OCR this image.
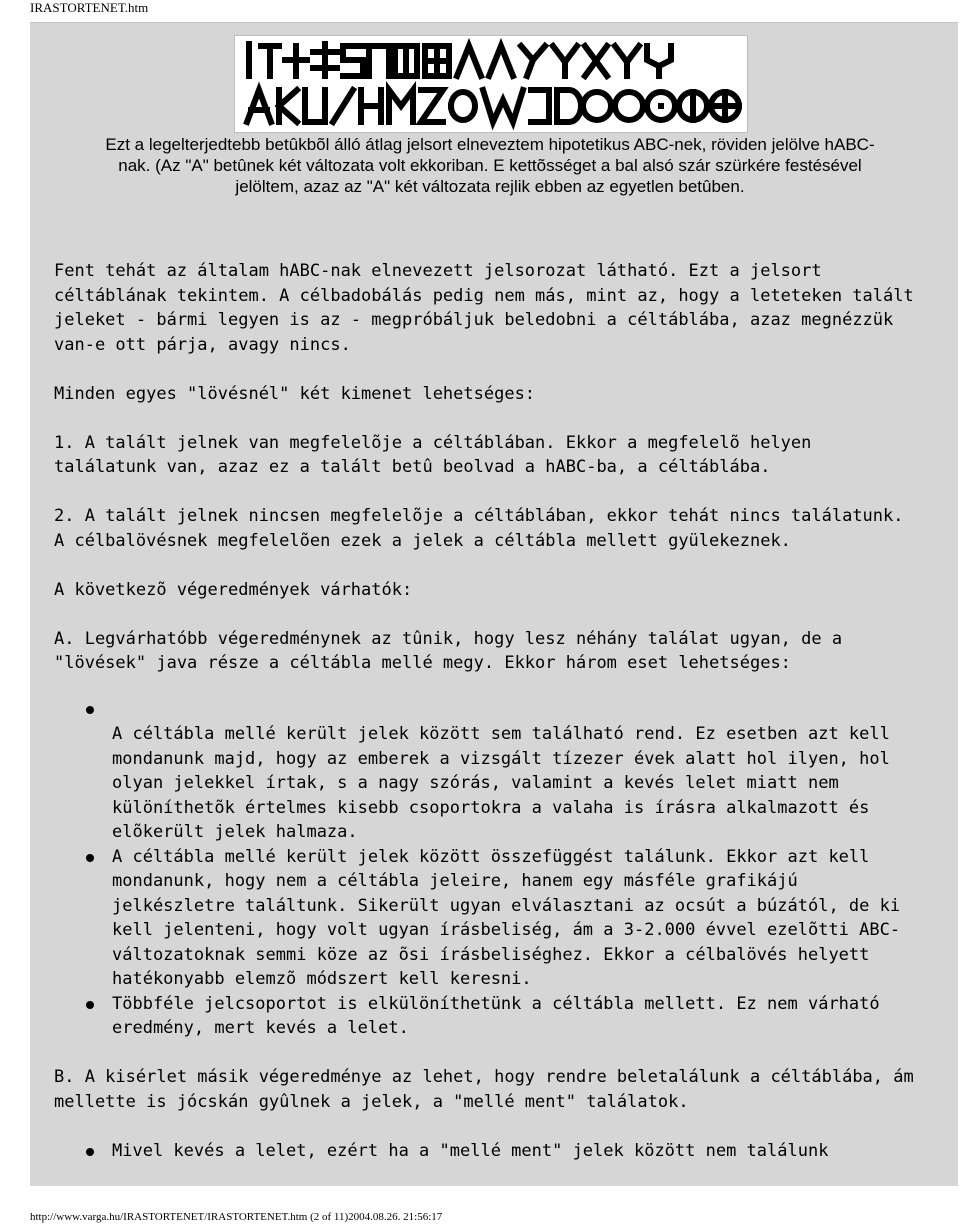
IRASTORTENET.htm
Ezt a legelterjedtebb betûkbõl álló átlag jelsort elneveztem hipotetikus ABC-nek, röviden jelölve hABC-nak. (Az "A" betûnek két változata volt ekkoriban. E kettõsséget a bal alsó szár szürkére festésével jelöltem, azaz az "A" két változata rejlik ebben az egyetlen betûben.

Fent tehát az általam hABC-nak elnevezett jelsorozat látható. Ezt a jelsort céltáblának tekintem. A célbadobálás pedig nem más, mint az, hogy a leteteken talált jeleket - bármi legyen is az - megpróbáljuk beledobni a céltáblába, azaz megnézzük van-e ott párja, avagy nincs.

Minden egyes "lövésnél" két kimenet lehetséges:

1. A talált jelnek van megfelelõje a céltáblában. Ekkor a megfelelõ helyen találatunk van, azaz ez a talált betû beolvad a hABC-ba, a céltáblába.

2. A talált jelnek nincsen megfelelõje a céltáblában, ekkor tehát nincs találatunk. A célbalövésnek megfelelõen ezek a jelek a céltábla mellett gyülekeznek.

A következõ végeredmények várhatók:

A. Legvárhatóbb végeredménynek az tûnik, hogy lesz néhány találat ugyan, de a "lövések" java része a céltábla mellé megy. Ekkor három eset lehetséges:

A céltábla mellé került jelek között sem található rend. Ez esetben azt kell mondanunk majd, hogy az emberek a vizsgált tízezer évek alatt hol ilyen, hol olyan jelekkel írtak, s a nagy szórás, valamint a kevés lelet miatt nem különíthetõk értelmes kisebb csoportokra a valaha is írásra alkalmazott és elõkerült jelek halmaza.
A céltábla mellé került jelek között összefüggést találunk. Ekkor azt kell mondanunk, hogy nem a céltábla jeleire, hanem egy másféle grafikájú jelkészletre találtunk. Sikerült ugyan elválasztani az ocsút a búzától, de ki kell jelenteni, hogy volt ugyan írásbeliség, ám a 3-2.000 évvel ezelõtti ABC-változatoknak semmi köze az õsi írásbeliséghez. Ekkor a célbalövés helyett hatékonyabb elemzõ módszert kell keresni.
Többféle jelcsoportot is elkülöníthetünk a céltábla mellett. Ez nem várható eredmény, mert kevés a lelet.

B. A kisérlet másik végeredménye az lehet, hogy rendre beletalálunk a céltáblába, ám mellette is jócskán gyûlnek a jelek, a "mellé ment" találatok.

Mivel kevés a lelet, ezért ha a "mellé ment" jelek között nem találunk
http://www.varga.hu/IRASTORTENET/IRASTORTENET.htm (2 of 11)2004.08.26. 21:56:17
